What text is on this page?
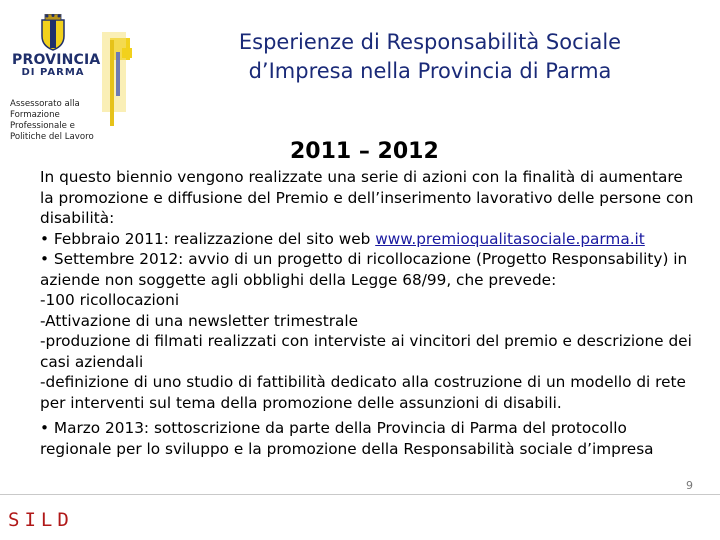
PROVINCIA
DI PARMA
Assessorato alla
Formazione
Professionale e
Politiche del Lavoro
Esperienze di Responsabilità Sociale
d’Impresa nella Provincia di Parma
2011 – 2012

In questo biennio vengono realizzate una serie di azioni con la finalità di aumentare la promozione e diffusione del Premio e dell’inserimento lavorativo delle persone con disabilità:

• Febbraio 2011: realizzazione del sito web www.premioqualitasociale.parma.it

• Settembre 2012: avvio di un progetto di ricollocazione (Progetto Responsability) in aziende non soggette agli obblighi della Legge 68/99, che prevede:

-100 ricollocazioni

-Attivazione di una newsletter trimestrale

-produzione di filmati realizzati con interviste ai vincitori del premio e descrizione dei casi aziendali

-definizione di uno studio di fattibilità dedicato alla costruzione di un modello di rete per interventi sul tema della promozione delle assunzioni di disabili.

• Marzo 2013: sottoscrizione da parte della Provincia di Parma del protocollo regionale per lo sviluppo e la promozione della Responsabilità sociale d’impresa

SILD
9
